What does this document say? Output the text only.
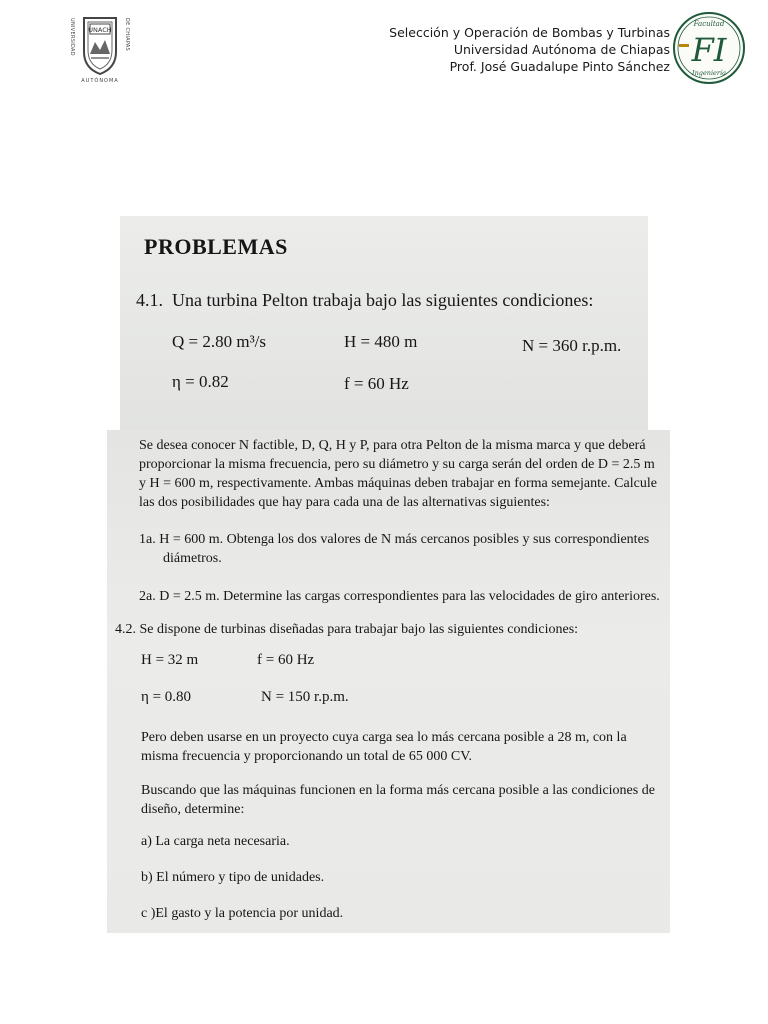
UNACH
UNIVERSIDAD	DE CHIAPAS
AUTÓNOMA
Selección y Operación de Bombas y Turbinas
Universidad Autónoma de Chiapas
Prof. José Guadalupe Pinto Sánchez
Facultad
FI
Ingeniería
PROBLEMAS
4.1. Una turbina Pelton trabaja bajo las siguientes condiciones:
Q = 2.80 m³/s	H = 480 m	N = 360 r.p.m.
η = 0.82	f = 60 Hz
Se desea conocer N factible, D, Q, H y P, para otra Pelton de la misma marca y que deberá
proporcionar la misma frecuencia, pero su diámetro y su carga serán del orden de D = 2.5 m
y H = 600 m, respectivamente. Ambas máquinas deben trabajar en forma semejante. Calcule
las dos posibilidades que hay para cada una de las alternativas siguientes:
1a. H = 600 m. Obtenga los dos valores de N más cercanos posibles y sus correspondientes
diámetros.
2a. D = 2.5 m. Determine las cargas correspondientes para las velocidades de giro anteriores.
4.2. Se dispone de turbinas diseñadas para trabajar bajo las siguientes condiciones:
H = 32 m	f = 60 Hz
η = 0.80	N = 150 r.p.m.
Pero deben usarse en un proyecto cuya carga sea lo más cercana posible a 28 m, con la
misma frecuencia y proporcionando un total de 65 000 CV.
Buscando que las máquinas funcionen en la forma más cercana posible a las condiciones de
diseño, determine:
a) La carga neta necesaria.
b) El número y tipo de unidades.
c )El gasto y la potencia por unidad.
